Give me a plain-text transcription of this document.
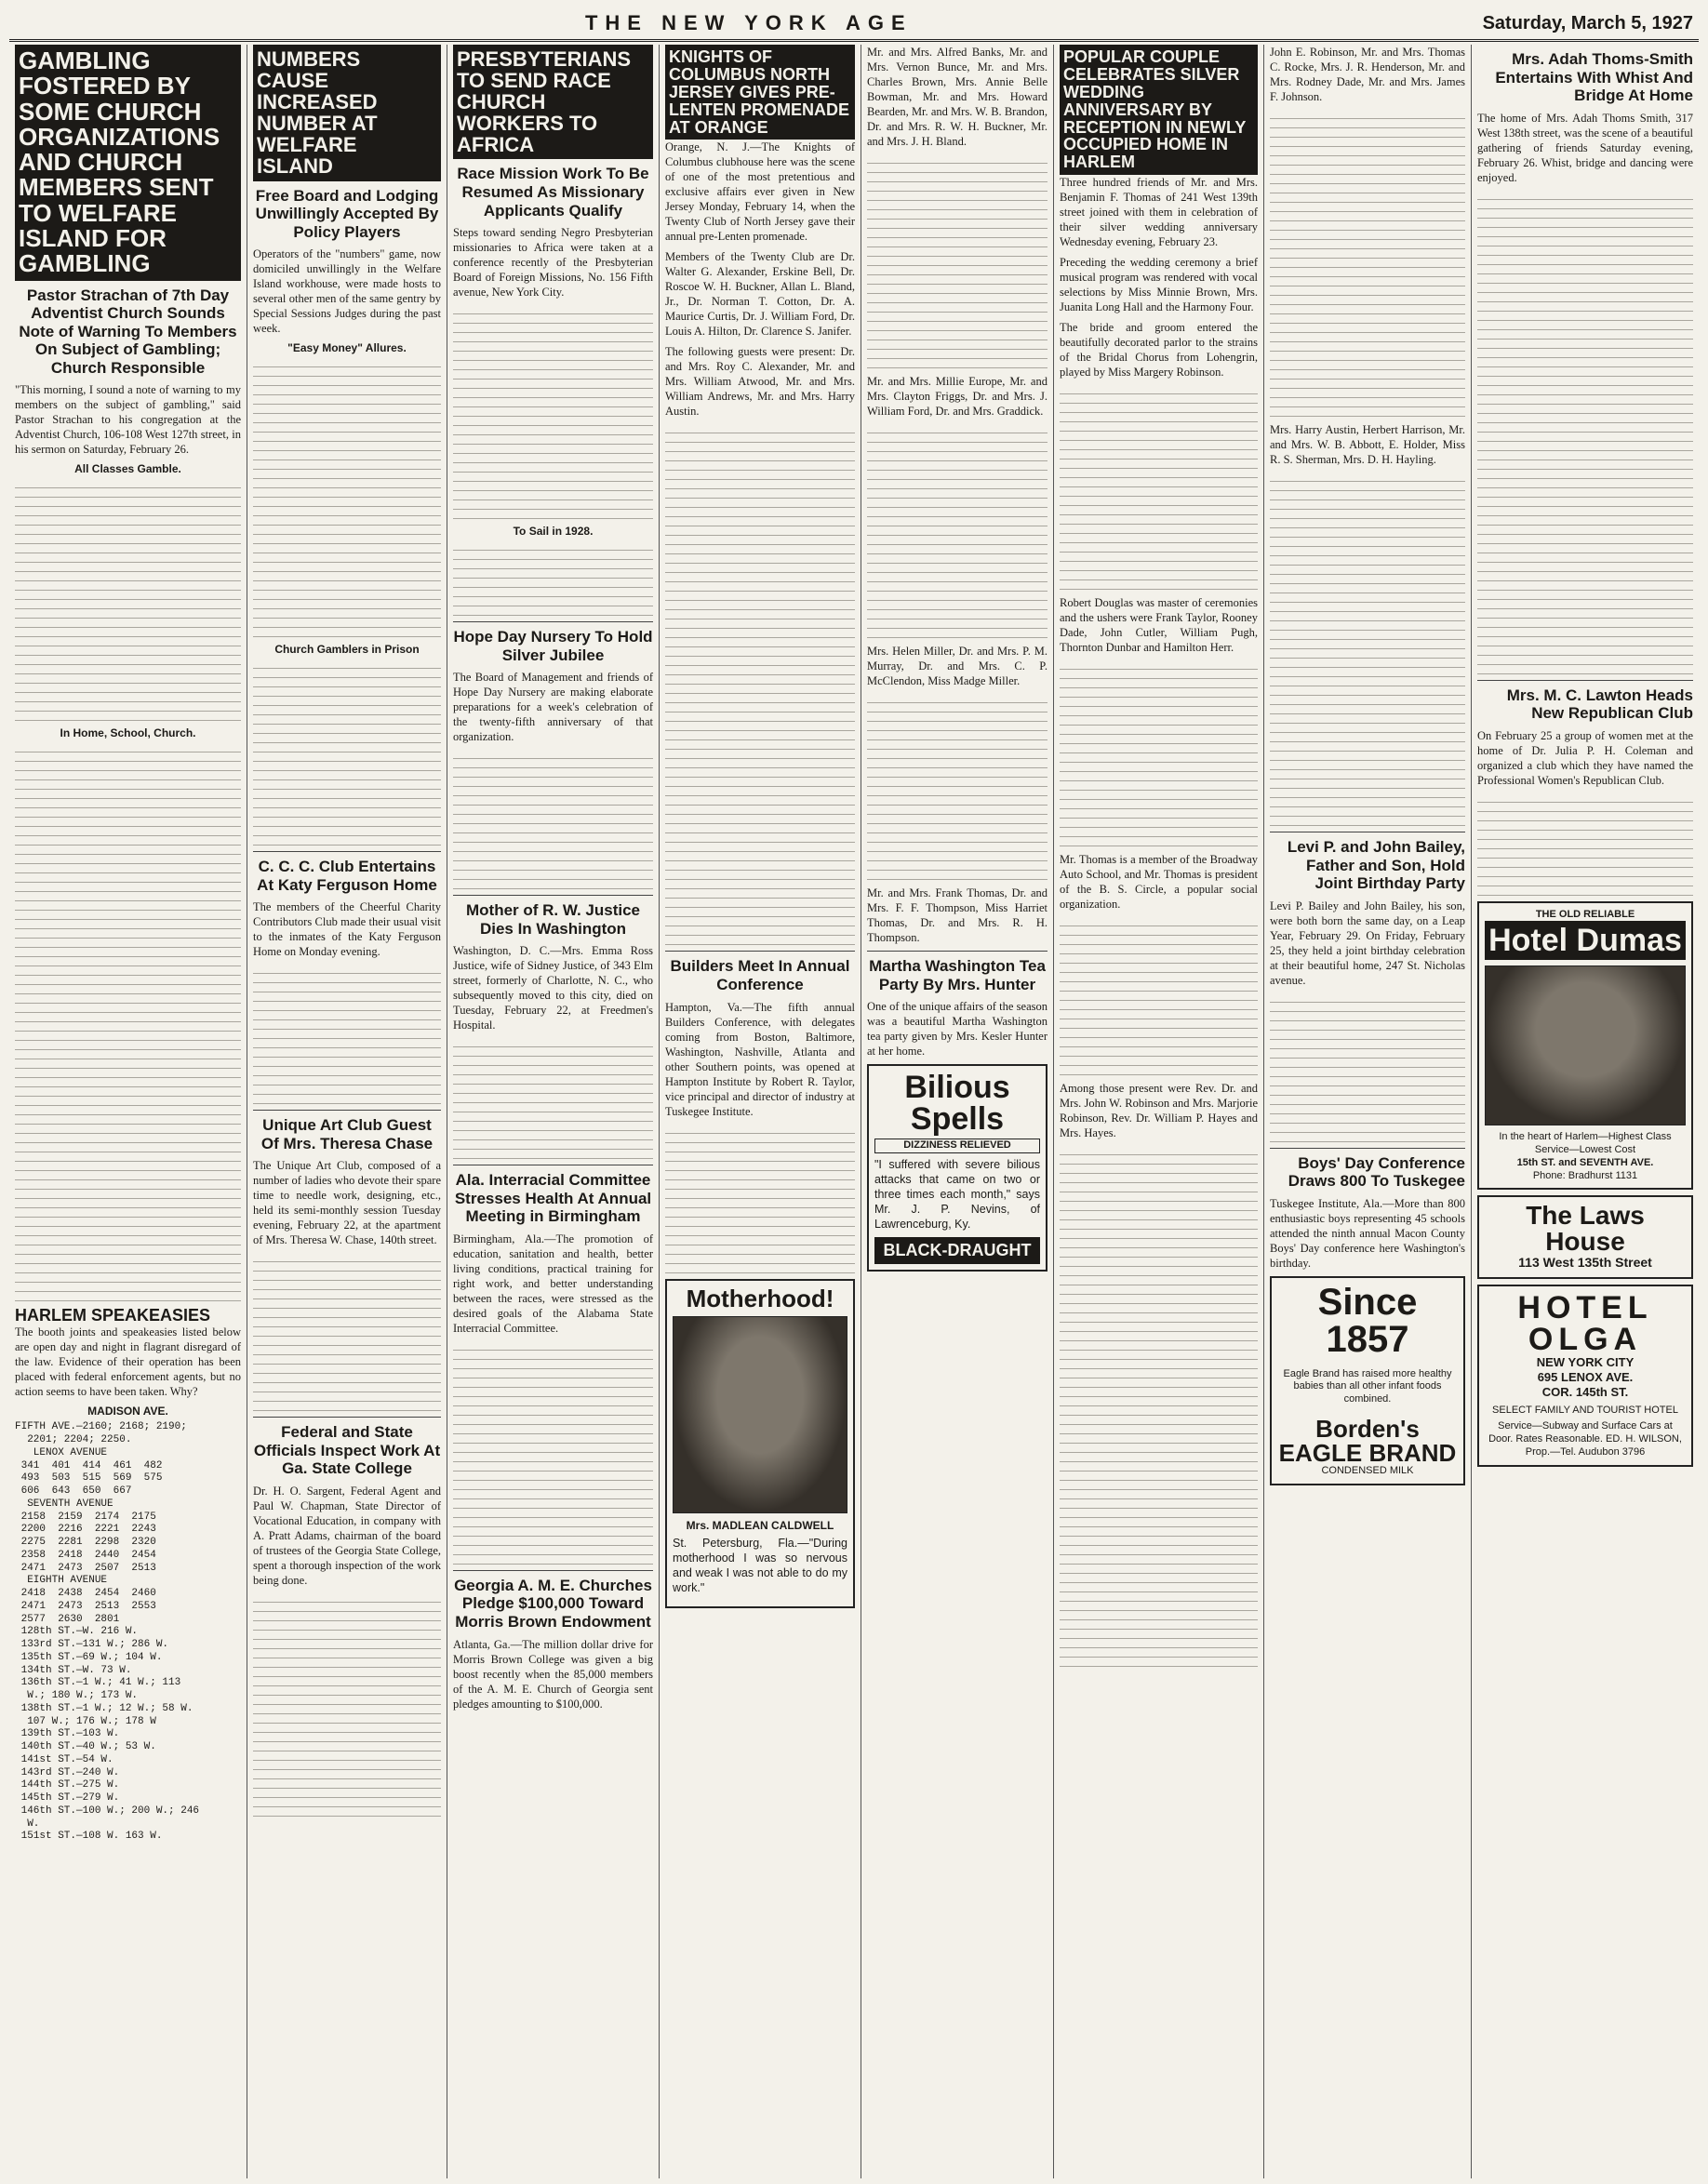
THE NEW YORK AGE	Saturday, March 5, 1927
GAMBLING FOSTERED BY SOME CHURCH ORGANIZATIONS AND CHURCH MEMBERS SENT TO WELFARE ISLAND FOR GAMBLING
Pastor Strachan of 7th Day Adventist Church Sounds Note of Warning To Members On Subject of Gambling; Church Responsible

"This morning, I sound a note of warning to my members on the subject of gambling," said Pastor Strachan to his congregation at the Adventist Church, 106-108 West 127th street, in his sermon on Saturday, February 26.

All Classes Gamble.

In Home, School, Church.

HARLEM SPEAKEASIES

The booth joints and speakeasies listed below are open day and night in flagrant disregard of the law. Evidence of their operation has been placed with federal enforcement agents, but no action seems to have been taken. Why?

MADISON AVE.
FIFTH AVE.—2160; 2168; 2190;
2201; 2204; 2250.
LENOX AVENUE
341  401  414  461  482
493  503  515  569  575
606  643  650  667
SEVENTH AVENUE
2158  2159  2174  2175
2200  2216  2221  2243
2275  2281  2298  2320
2358  2418  2440  2454
2471  2473  2507  2513
EIGHTH AVENUE
2418  2438  2454  2460
2471  2473  2513  2553
2577  2630  2801
128th ST.—W. 216 W.
133rd ST.—131 W.; 286 W.
135th ST.—69 W.; 104 W.
134th ST.—W. 73 W.
136th ST.—1 W.; 41 W.; 113
W.; 180 W.; 173 W.
138th ST.—1 W.; 12 W.; 58 W.
107 W.; 176 W.; 178 W
139th ST.—103 W.
140th ST.—40 W.; 53 W.
141st ST.—54 W.
143rd ST.—240 W.
144th ST.—275 W.
145th ST.—279 W.
146th ST.—100 W.; 200 W.; 246
W.
151st ST.—108 W. 163 W.
NUMBERS CAUSE INCREASED NUMBER AT WELFARE ISLAND
Free Board and Lodging Unwillingly Accepted By Policy Players

Operators of the "numbers" game, now domiciled unwillingly in the Welfare Island workhouse, were made hosts to several other men of the same gentry by Special Sessions Judges during the past week.

"Easy Money" Allures.

Church Gamblers in Prison

C. C. C. Club Entertains At Katy Ferguson Home

The members of the Cheerful Charity Contributors Club made their usual visit to the inmates of the Katy Ferguson Home on Monday evening.

Unique Art Club Guest Of Mrs. Theresa Chase

The Unique Art Club, composed of a number of ladies who devote their spare time to needle work, designing, etc., held its semi-monthly session Tuesday evening, February 22, at the apartment of Mrs. Theresa W. Chase, 140th street.

Federal and State Officials Inspect Work At Ga. State College

Dr. H. O. Sargent, Federal Agent and Paul W. Chapman, State Director of Vocational Education, in company with A. Pratt Adams, chairman of the board of trustees of the Georgia State College, spent a thorough inspection of the work being done.

PRESBYTERIANS TO SEND RACE CHURCH WORKERS TO AFRICA
Race Mission Work To Be Resumed As Missionary Applicants Qualify

Steps toward sending Negro Presbyterian missionaries to Africa were taken at a conference recently of the Presbyterian Board of Foreign Missions, No. 156 Fifth avenue, New York City.

To Sail in 1928.

Hope Day Nursery To Hold Silver Jubilee

The Board of Management and friends of Hope Day Nursery are making elaborate preparations for a week's celebration of the twenty-fifth anniversary of that organization.

Mother of R. W. Justice Dies In Washington

Washington, D. C.—Mrs. Emma Ross Justice, wife of Sidney Justice, of 343 Elm street, formerly of Charlotte, N. C., who subsequently moved to this city, died on Tuesday, February 22, at Freedmen's Hospital.

Ala. Interracial Committee Stresses Health At Annual Meeting in Birmingham

Birmingham, Ala.—The promotion of education, sanitation and health, better living conditions, practical training for right work, and better understanding between the races, were stressed as the desired goals of the Alabama State Interracial Committee.

Georgia A. M. E. Churches Pledge $100,000 Toward Morris Brown Endowment

Atlanta, Ga.—The million dollar drive for Morris Brown College was given a big boost recently when the 85,000 members of the A. M. E. Church of Georgia sent pledges amounting to $100,000.

KNIGHTS OF COLUMBUS NORTH JERSEY GIVES PRE-LENTEN PROMENADE AT ORANGE

Orange, N. J.—The Knights of Columbus clubhouse here was the scene of one of the most pretentious and exclusive affairs ever given in New Jersey Monday, February 14, when the Twenty Club of North Jersey gave their annual pre-Lenten promenade.

Members of the Twenty Club are Dr. Walter G. Alexander, Erskine Bell, Dr. Roscoe W. H. Buckner, Allan L. Bland, Jr., Dr. Norman T. Cotton, Dr. A. Maurice Curtis, Dr. J. William Ford, Dr. Louis A. Hilton, Dr. Clarence S. Janifer.

The following guests were present: Dr. and Mrs. Roy C. Alexander, Mr. and Mrs. William Atwood, Mr. and Mrs. William Andrews, Mr. and Mrs. Harry Austin.

Builders Meet In Annual Conference

Hampton, Va.—The fifth annual Builders Conference, with delegates coming from Boston, Baltimore, Washington, Nashville, Atlanta and other Southern points, was opened at Hampton Institute by Robert R. Taylor, vice principal and director of industry at Tuskegee Institute.

Motherhood!
Mrs. MADLEAN CALDWELL

St. Petersburg, Fla.—"During motherhood I was so nervous and weak I was not able to do my work."

Mr. and Mrs. Alfred Banks, Mr. and Mrs. Vernon Bunce, Mr. and Mrs. Charles Brown, Mrs. Annie Belle Bowman, Mr. and Mrs. Howard Bearden, Mr. and Mrs. W. B. Brandon, Dr. and Mrs. R. W. H. Buckner, Mr. and Mrs. J. H. Bland.

Mr. and Mrs. Millie Europe, Mr. and Mrs. Clayton Friggs, Dr. and Mrs. J. William Ford, Dr. and Mrs. Graddick.

Mrs. Helen Miller, Dr. and Mrs. P. M. Murray, Dr. and Mrs. C. P. McClendon, Miss Madge Miller.

Mr. and Mrs. Frank Thomas, Dr. and Mrs. F. F. Thompson, Miss Harriet Thomas, Dr. and Mrs. R. H. Thompson.

Martha Washington Tea Party By Mrs. Hunter

One of the unique affairs of the season was a beautiful Martha Washington tea party given by Mrs. Kesler Hunter at her home.

Bilious Spells
DIZZINESS RELIEVED

"I suffered with severe bilious attacks that came on two or three times each month," says Mr. J. P. Nevins, of Lawrenceburg, Ky.

BLACK-DRAUGHT
POPULAR COUPLE CELEBRATES SILVER WEDDING ANNIVERSARY BY RECEPTION IN NEWLY OCCUPIED HOME IN HARLEM

Three hundred friends of Mr. and Mrs. Benjamin F. Thomas of 241 West 139th street joined with them in celebration of their silver wedding anniversary Wednesday evening, February 23.

Preceding the wedding ceremony a brief musical program was rendered with vocal selections by Miss Minnie Brown, Mrs. Juanita Long Hall and the Harmony Four.

The bride and groom entered the beautifully decorated parlor to the strains of the Bridal Chorus from Lohengrin, played by Miss Margery Robinson.

Robert Douglas was master of ceremonies and the ushers were Frank Taylor, Rooney Dade, John Cutler, William Pugh, Thornton Dunbar and Hamilton Herr.

Mr. Thomas is a member of the Broadway Auto School, and Mr. Thomas is president of the B. S. Circle, a popular social organization.

Among those present were Rev. Dr. and Mrs. John W. Robinson and Mrs. Marjorie Robinson, Rev. Dr. William P. Hayes and Mrs. Hayes.

John E. Robinson, Mr. and Mrs. Thomas C. Rocke, Mrs. J. R. Henderson, Mr. and Mrs. Rodney Dade, Mr. and Mrs. James F. Johnson.

Mrs. Harry Austin, Herbert Harrison, Mr. and Mrs. W. B. Abbott, E. Holder, Miss R. S. Sherman, Mrs. D. H. Hayling.

Levi P. and John Bailey, Father and Son, Hold Joint Birthday Party

Levi P. Bailey and John Bailey, his son, were both born the same day, on a Leap Year, February 29. On Friday, February 25, they held a joint birthday celebration at their beautiful home, 247 St. Nicholas avenue.

Boys' Day Conference Draws 800 To Tuskegee

Tuskegee Institute, Ala.—More than 800 enthusiastic boys representing 45 schools attended the ninth annual Macon County Boys' Day conference here Washington's birthday.

Since 1857

Eagle Brand has raised more healthy babies than all other infant foods combined.

Borden's EAGLE BRAND
CONDENSED MILK
Mrs. Adah Thoms-Smith Entertains With Whist And Bridge At Home

The home of Mrs. Adah Thoms Smith, 317 West 138th street, was the scene of a beautiful gathering of friends Saturday evening, February 26. Whist, bridge and dancing were enjoyed.

Mrs. M. C. Lawton Heads New Republican Club

On February 25 a group of women met at the home of Dr. Julia P. H. Coleman and organized a club which they have named the Professional Women's Republican Club.

THE OLD RELIABLE
Hotel Dumas
In the heart of Harlem—Highest Class Service—Lowest Cost
15th ST. and SEVENTH AVE.
Phone: Bradhurst 1131
The Laws House
113 West 135th Street
HOTEL OLGA
NEW YORK CITY
695 LENOX AVE.
COR. 145th ST.
SELECT FAMILY AND TOURIST HOTEL
Service—Subway and Surface Cars at Door. Rates Reasonable. ED. H. WILSON, Prop.—Tel. Audubon 3796
